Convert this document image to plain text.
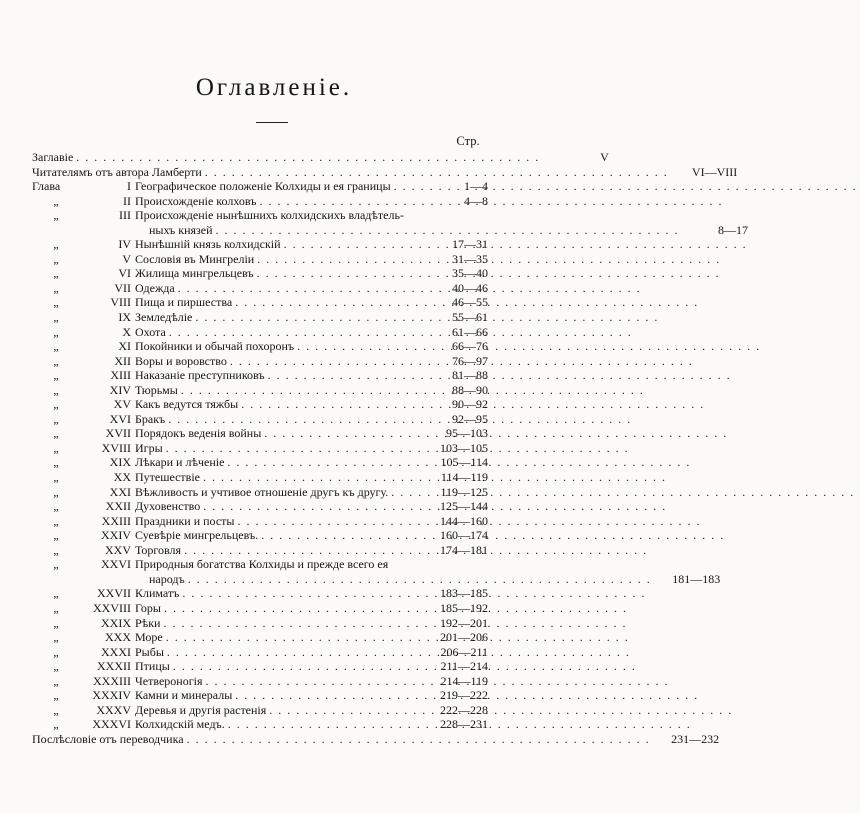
Оглавленіе.
Стр.
Заглавіе . . .	V
Читателямъ отъ автора Ламберти . . .	VI—VIII
Глава	I Географическое положеніе Колхиды и ея границы . . .	1—4
„	II Происхожденіе колховъ . . .	4—8
„	III Происхожденіе нынѣшнихъ колхидскихъ владѣтель-
ныхъ князей . . .	8—17
„	IV Нынѣшній князь колхидскій . . .	17—31
„	V Сословія въ Мингреліи . . .	31—35
„	VI Жилища мингрельцевъ . . .	35—40
„	VII Одежда . . .	40—46
„	VIII Пища и пиршества . . .	46—55
„	IX Земледѣліе . . .	55—61
„	X Охота . . .	61—66
„	XI Покойники и обычай похоронъ . . .	66—76
„	XII Воры и воровство . . .	76—97
„	XIII Наказаніе преступниковъ . . .	81—88
„	XIV Тюрьмы . . .	88—90
„	XV Какъ ведутся тяжбы . . .	90—92
„	XVI Бракъ . . .	92—95
„	XVII Порядокъ веденія войны . . .	95—103
„	XVIII Игры . . .	103—105
„	XIX Лѣкари и лѣченіе . . .	105—114
„	XX Путешествіе . . .	114—119
„	XXI Вѣжливость и учтивое отношеніе другъ къ другу. . . .	119—125
„	XXII Духовенство . . .	125—144
„	XXIII Праздники и посты . . .	144—160
„	XXIV Суевѣріе мингрельцевъ. . . .	160—174
„	XXV Торговля . . .	174—181
„	XXVI Природныя богатства Колхиды и прежде всего ея
народъ . . .	181—183
„	XXVII Климатъ . . .	183—185
„	XXVIII Горы . . .	185—192
„	XXIX Рѣки . . .	192—201
„	XXX Море . . .	201—206
„	XXXI Рыбы . . .	206—211
„	XXXII Птицы . . .	211—214
„	XXXIII Четвероногія . . .	214—119
„	XXXIV Камни и минералы . . .	219—222
„	XXXV Деревья и другія растенія . . .	222—228
„	XXXVI Колхидскій медъ. . . .	228—231
Послѣсловіе отъ переводчика . . .	231—232
